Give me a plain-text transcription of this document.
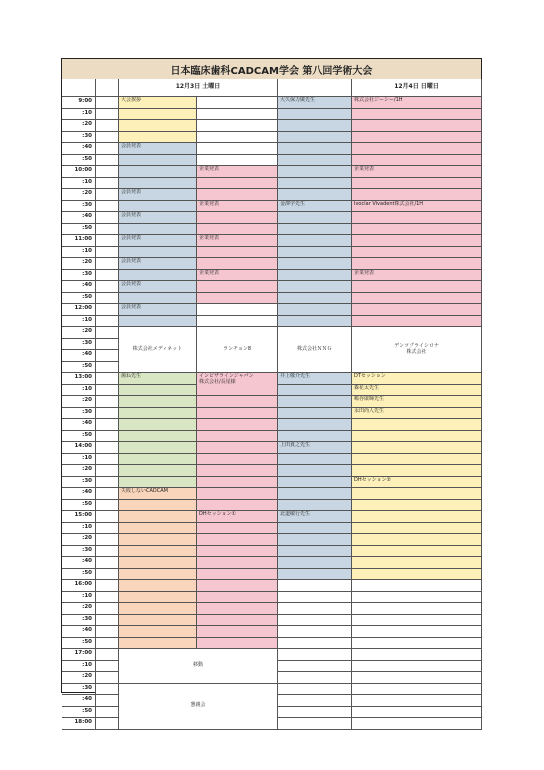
日本臨床歯科CADCAM学会 第八回学術大会
12月3日 土曜日	12月4日 日曜日
9:00
:10
:20
:30
:40
:50
10:00
:10
:20
:30
:40
:50
11:00
:10
:20
:30
:40
:50
12:00
:10
:20
:30
:40
:50
13:00
:10
:20
:30
:40
:50
14:00
:10
:20
:30
:40
:50
15:00
:10
:20
:30
:40
:50
16:00
:10
:20
:30
:40
:50
17:00
:10
:20
:30
:40
:50
18:00
大会挨拶
会員発表
会員発表
会員発表
会員発表
会員発表
会員発表
会員発表
株式会社メディネット
歯ね先生
失敗しないCADCAM
移動
懇親会
企業発表
企業発表
企業発表
企業発表
ランチョン8
インビザラインジャパン
株式会社/長尾様
DHセッション①
大久保力廣先生
金澤学先生
株式会社ＮＮＧ
井上敬介先生
上田貴之先生
北道敏行先生
株式会社ジーシー/1H
企業発表
Ivoclar Vivadent株式会社/1H
企業発表
デンツプライシロナ
株式会社
DTセッション
森花太先生
嶋谷康暉先生
永田尚人先生
DHセッション②
